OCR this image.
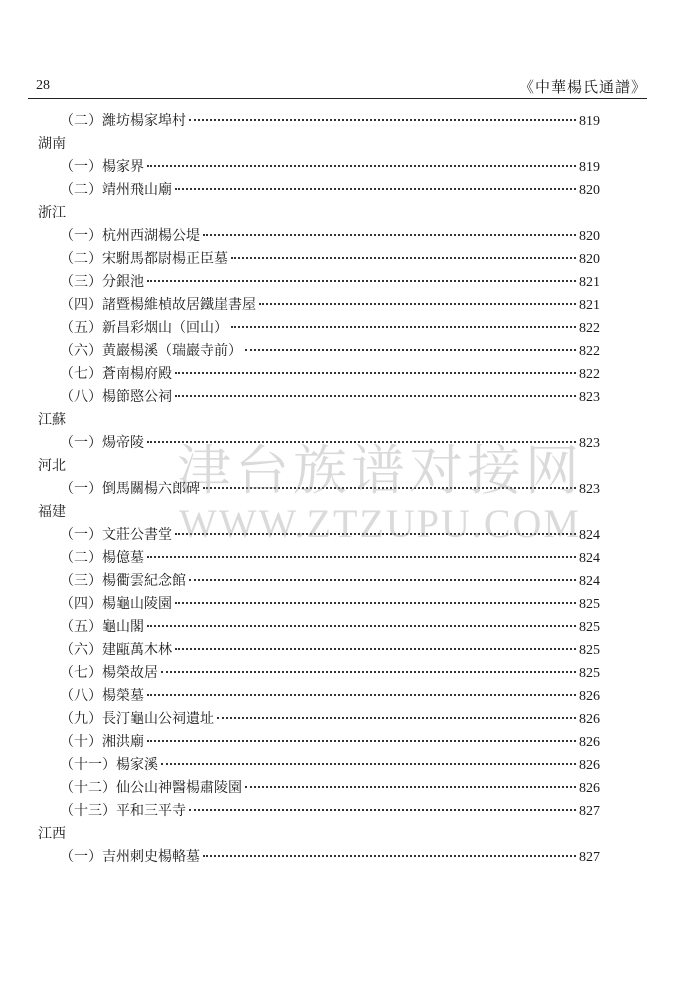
28	《中華楊氏通譜》
（二） 濰坊楊家埠村	819
湖南
（一） 楊家界	819
（二） 靖州飛山廟	820
浙江
（一） 杭州西湖楊公堤	820
（二） 宋駙馬都尉楊正臣墓	820
（三） 分銀池	821
（四） 諸暨楊維楨故居鐵崖書屋	821
（五） 新昌彩烟山（回山）	822
（六） 黄巖楊溪（瑞巖寺前）	822
（七） 蒼南楊府殿	822
（八） 楊節愍公祠	823
江蘇
（一） 煬帝陵	823
河北
（一） 倒馬關楊六郎碑	823
福建
（一） 文莊公書堂	824
（二） 楊億墓	824
（三） 楊衢雲紀念館	824
（四） 楊龜山陵園	825
（五） 龜山閣	825
（六） 建甌萬木林	825
（七） 楊榮故居	825
（八） 楊榮墓	826
（九） 長汀龜山公祠遺址	826
（十） 湘洪廟	826
（十一） 楊家溪	826
（十二） 仙公山神醫楊肅陵園	826
（十三） 平和三平寺	827
江西
（一） 吉州刺史楊輅墓	827
津台族谱对接网
WWW.ZTZUPU.COM
